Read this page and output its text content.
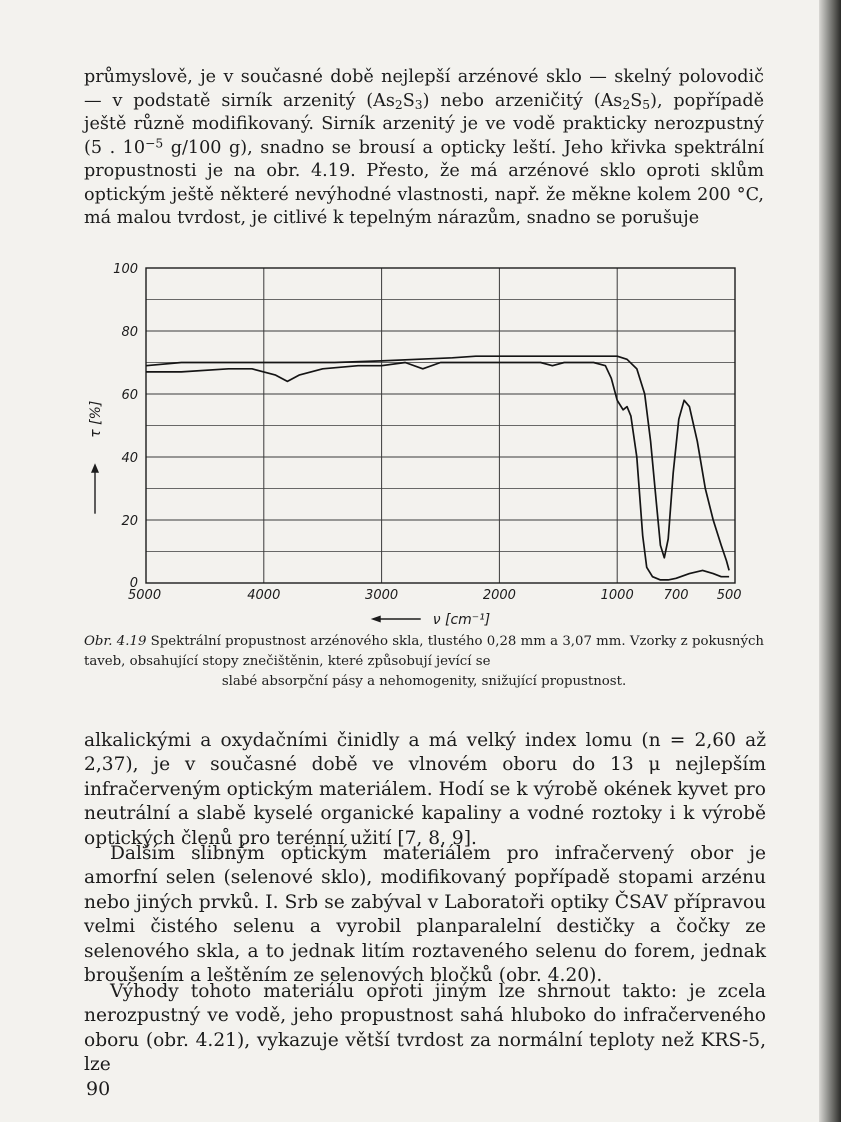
průmyslově, je v současné době nejlepší arzénové sklo — skelný polovodič — v podstatě sirník arzenitý $(As_2S_3)$ nebo arzeničitý $(As_2S_5)$, popřípadě ještě různě modifikovaný. Sirník arzenitý je ve vodě prakticky nerozpustný (5 . $10^{-5}$ g/100 g), snadno se brousí a opticky leští. Jeho křivka spektrální propustnosti je na obr. 4.19. Přesto, že má arzénové sklo oproti sklům optickým ještě některé nevýhodné vlastnosti, např. že měkne kolem 200 °C, má malou tvrdost, je citlivé k tepelným nárazům, snadno se porušuje

0
20
40
60
80
100
5000	4000	3000	2000	1000 700 500
τ [%]
ν [cm⁻¹]

Obr. 4.19 Spektrální propustnost arzénového skla, tlustého 0,28 mm a 3,07 mm. Vzorky z pokusných taveb, obsahující stopy znečištěnin, které způsobují jevící se
slabé absorpční pásy a nehomogenity, snižující propustnost.

alkalickými a oxydačními činidly a má velký index lomu (n = 2,60 až 2,37), je v současné době ve vlnovém oboru do 13 μ nejlepším infračerveným optickým materiálem. Hodí se k výrobě okének kyvet pro neutrální a slabě kyselé organické kapaliny a vodné roztoky i k výrobě optických členů pro terénní užití [7, 8, 9].

Dalším slibným optickým materiálem pro infračervený obor je amorfní selen (selenové sklo), modifikovaný popřípadě stopami arzénu nebo jiných prvků. I. Srb se zabýval v Laboratoři optiky ČSAV přípravou velmi čistého selenu a vyrobil planparalelní destičky a čočky ze selenového skla, a to jednak litím roztaveného selenu do forem, jednak broušením a leštěním ze selenových bločků (obr. 4.20).

Výhody tohoto materiálu oproti jiným lze shrnout takto: je zcela nerozpustný ve vodě, jeho propustnost sahá hluboko do infračerveného oboru (obr. 4.21), vykazuje větší tvrdost za normální teploty než KRS-5, lze

90
